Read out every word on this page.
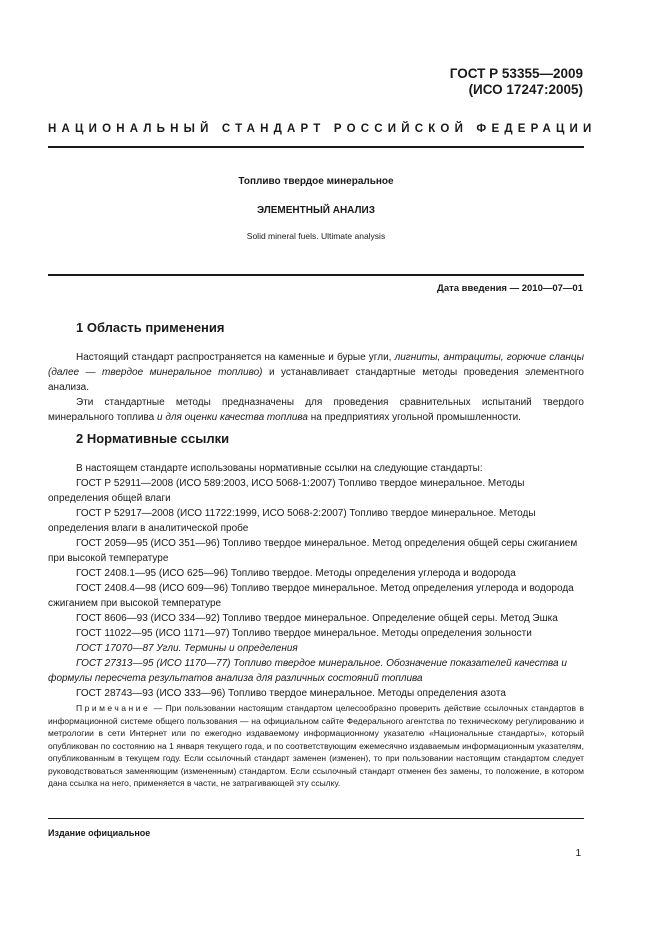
ГОСТ Р 53355—2009
(ИСО 17247:2005)
НАЦИОНАЛЬНЫЙ СТАНДАРТ РОССИЙСКОЙ ФЕДЕРАЦИИ
Топливо твердое минеральное
ЭЛЕМЕНТНЫЙ АНАЛИЗ
Solid mineral fuels. Ultimate analysis
Дата введения — 2010—07—01
1 Область применения

Настоящий стандарт распространяется на каменные и бурые угли, лигниты, антрациты, горючие сланцы (далее — твердое минеральное топливо) и устанавливает стандартные методы проведения элементного анализа.

Эти стандартные методы предназначены для проведения сравнительных испытаний твердого минерального топлива и для оценки качества топлива на предприятиях угольной промышленности.

2 Нормативные ссылки

В настоящем стандарте использованы нормативные ссылки на следующие стандарты:

ГОСТ Р 52911—2008 (ИСО 589:2003, ИСО 5068-1:2007) Топливо твердое минеральное. Методы определения общей влаги

ГОСТ Р 52917—2008 (ИСО 11722:1999, ИСО 5068-2:2007) Топливо твердое минеральное. Методы определения влаги в аналитической пробе

ГОСТ 2059—95 (ИСО 351—96) Топливо твердое минеральное. Метод определения общей серы сжиганием при высокой температуре

ГОСТ 2408.1—95 (ИСО 625—96) Топливо твердое. Методы определения углерода и водорода

ГОСТ 2408.4—98 (ИСО 609—96) Топливо твердое минеральное. Метод определения углерода и водорода сжиганием при высокой температуре

ГОСТ 8606—93 (ИСО 334—92) Топливо твердое минеральное. Определение общей серы. Метод Эшка

ГОСТ 11022—95 (ИСО 1171—97) Топливо твердое минеральное. Методы определения зольности

ГОСТ 17070—87 Угли. Термины и определения

ГОСТ 27313—95 (ИСО 1170—77) Топливо твердое минеральное. Обозначение показателей качества и формулы пересчета результатов анализа для различных состояний топлива

ГОСТ 28743—93 (ИСО 333—96) Топливо твердое минеральное. Методы определения азота

Примечание — При пользовании настоящим стандартом целесообразно проверить действие ссылочных стандартов в информационной системе общего пользования — на официальном сайте Федерального агентства по техническому регулированию и метрологии в сети Интернет или по ежегодно издаваемому информационному указателю «Национальные стандарты», который опубликован по состоянию на 1 января текущего года, и по соответствующим ежемесячно издаваемым информационным указателям, опубликованным в текущем году. Если ссылочный стандарт заменен (изменен), то при пользовании настоящим стандартом следует руководствоваться заменяющим (измененным) стандартом. Если ссылочный стандарт отменен без замены, то положение, в котором дана ссылка на него, применяется в части, не затрагивающей эту ссылку.

Издание официальное
1
